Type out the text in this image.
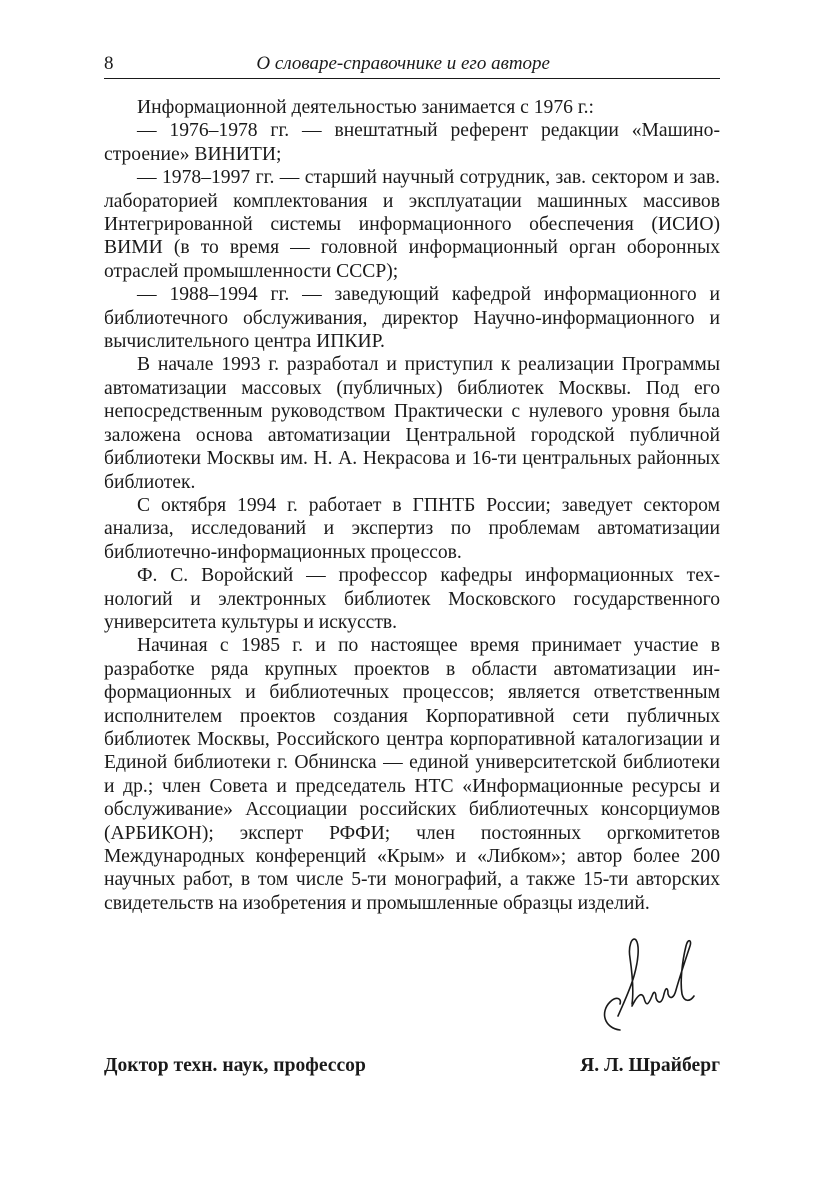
8	О словаре-справочнике и его авторе

Информационной деятельностью занимается с 1976 г.:

— 1976–1978 гг. — внештатный референт редакции «Машиностроение» ВИНИТИ;

— 1978–1997 гг. — старший научный сотрудник, зав. сектором и зав. лабораторией комплектования и эксплуатации машинных массивов Интегрированной системы информационного обеспечения (ИСИО) ВИМИ (в то время — головной информационный орган оборонных отраслей промышленности СССР);

— 1988–1994 гг. — заведующий кафедрой информационного и библиотечного обслуживания, директор Научно-информационного и вычислительного центра ИПКИР.

В начале 1993 г. разработал и приступил к реализации Программы автоматизации массовых (публичных) библиотек Москвы. Под его непосредственным руководством Практически с нулевого уровня была заложена основа автоматизации Центральной городской публичной библиотеки Москвы им. Н. А. Некрасова и 16-ти центральных районных библиотек.

С октября 1994 г. работает в ГПНТБ России; заведует сектором анализа, исследований и экспертиз по проблемам автоматизации библиотечно-информационных процессов.

Ф. С. Воройский — профессор кафедры информационных технологий и электронных библиотек Московского государственного университета культуры и искусств.

Начиная с 1985 г. и по настоящее время принимает участие в разработке ряда крупных проектов в области автоматизации информационных и библиотечных процессов; является ответственным исполнителем проектов создания Корпоративной сети публичных библиотек Москвы, Российского центра корпоративной каталогизации и Единой библиотеки г. Обнинска — единой университетской библиотеки и др.; член Совета и председатель НТС «Информационные ресурсы и обслуживание» Ассоциации российских библиотечных консорциумов (АРБИКОН); эксперт РФФИ; член постоянных оргкомитетов Международных конференций «Крым» и «Либком»; автор более 200 научных работ, в том числе 5-ти монографий, а также 15-ти авторских свидетельств на изобретения и промышленные образцы изделий.

Доктор техн. наук, профессор	Я. Л. Шрайберг
